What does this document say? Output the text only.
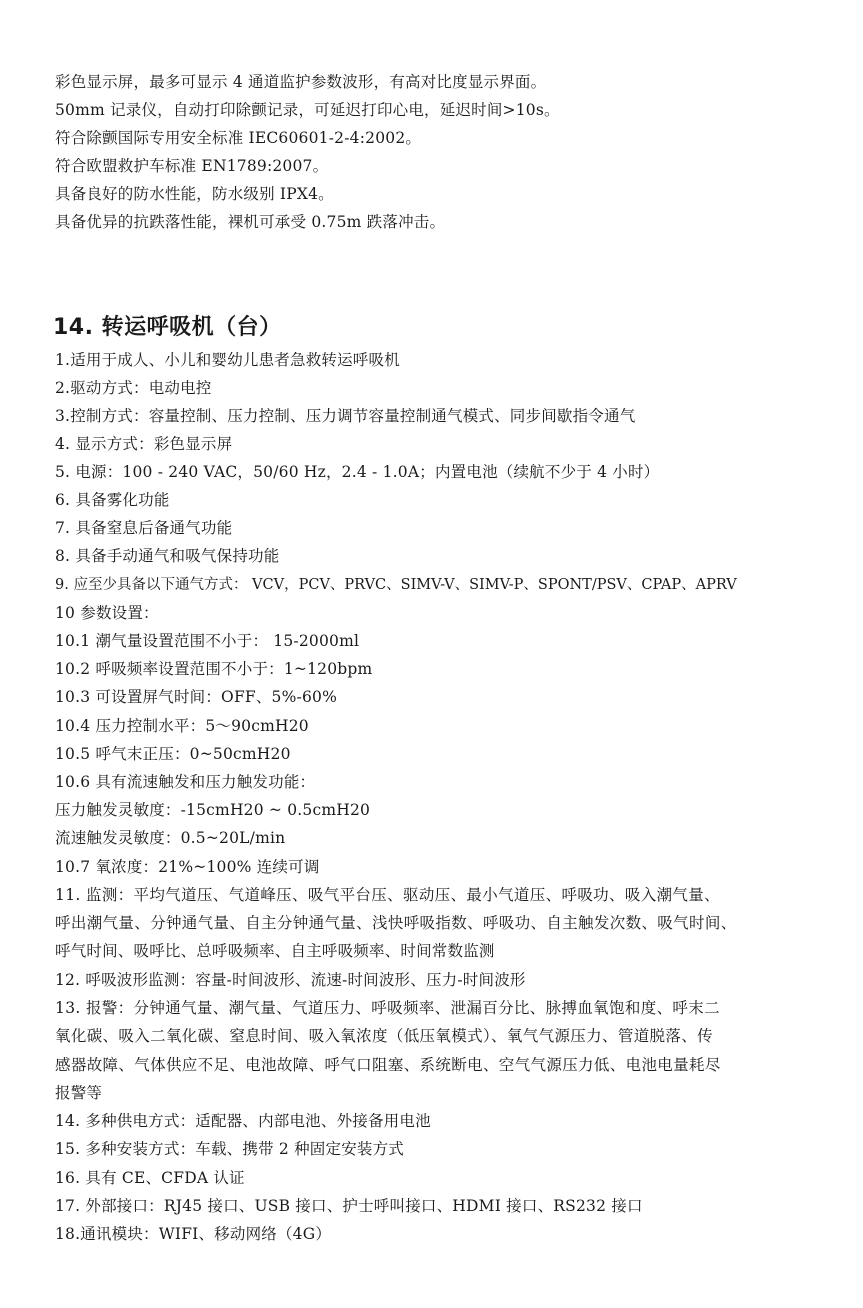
彩色显示屏，最多可显示 4 通道监护参数波形，有高对比度显示界面。
50mm 记录仪，自动打印除颤记录，可延迟打印心电，延迟时间>10s。
符合除颤国际专用安全标准 IEC60601-2-4:2002。
符合欧盟救护车标准 EN1789:2007。
具备良好的防水性能，防水级别 IPX4。
具备优异的抗跌落性能，裸机可承受 0.75m 跌落冲击。
14. 转运呼吸机（台）
1.适用于成人、小儿和婴幼儿患者急救转运呼吸机
2.驱动方式：电动电控
3.控制方式：容量控制、压力控制、压力调节容量控制通气模式、同步间歇指令通气
4. 显示方式：彩色显示屏
5. 电源：100 - 240 VAC，50/60 Hz，2.4 - 1.0A；内置电池（续航不少于 4 小时）
6. 具备雾化功能
7. 具备窒息后备通气功能
8. 具备手动通气和吸气保持功能
9. 应至少具备以下通气方式： VCV，PCV、PRVC、SIMV-V、SIMV-P、SPONT/PSV、CPAP、APRV
10 参数设置：
10.1 潮气量设置范围不小于： 15-2000ml
10.2 呼吸频率设置范围不小于：1~120bpm
10.3 可设置屏气时间：OFF、5%-60%
10.4 压力控制水平：5～90cmH20
10.5 呼气末正压：0~50cmH20
10.6 具有流速触发和压力触发功能：
压力触发灵敏度：-15cmH20 ~ 0.5cmH20
流速触发灵敏度：0.5~20L/min
10.7 氧浓度：21%~100% 连续可调
11. 监测：平均气道压、气道峰压、吸气平台压、驱动压、最小气道压、呼吸功、吸入潮气量、
呼出潮气量、分钟通气量、自主分钟通气量、浅快呼吸指数、呼吸功、自主触发次数、吸气时间、
呼气时间、吸呼比、总呼吸频率、自主呼吸频率、时间常数监测
12. 呼吸波形监测：容量-时间波形、流速-时间波形、压力-时间波形
13. 报警：分钟通气量、潮气量、气道压力、呼吸频率、泄漏百分比、脉搏血氧饱和度、呼末二
氧化碳、吸入二氧化碳、窒息时间、吸入氧浓度（低压氧模式）、氧气气源压力、管道脱落、传
感器故障、气体供应不足、电池故障、呼气口阻塞、系统断电、空气气源压力低、电池电量耗尽
报警等
14. 多种供电方式：适配器、内部电池、外接备用电池
15. 多种安装方式：车载、携带 2 种固定安装方式
16. 具有 CE、CFDA 认证
17. 外部接口：RJ45 接口、USB 接口、护士呼叫接口、HDMI 接口、RS232 接口
18.通讯模块：WIFI、移动网络（4G）
